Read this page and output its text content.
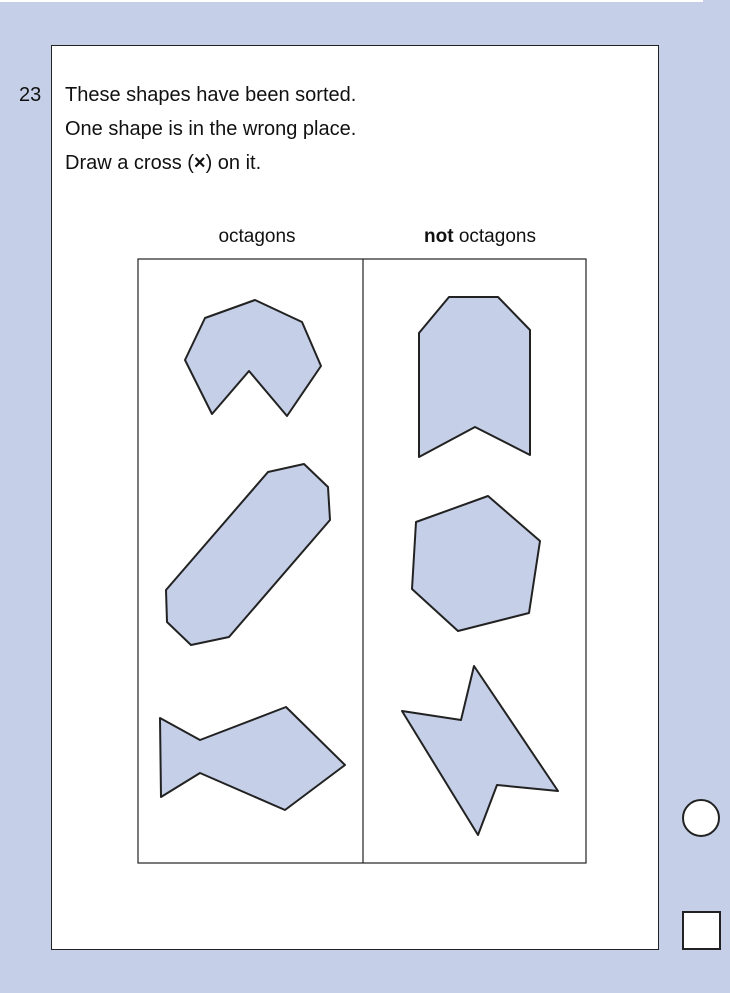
23 These shapes have been sorted.
One shape is in the wrong place.
Draw a cross (×) on it.
octagons	not octagons
